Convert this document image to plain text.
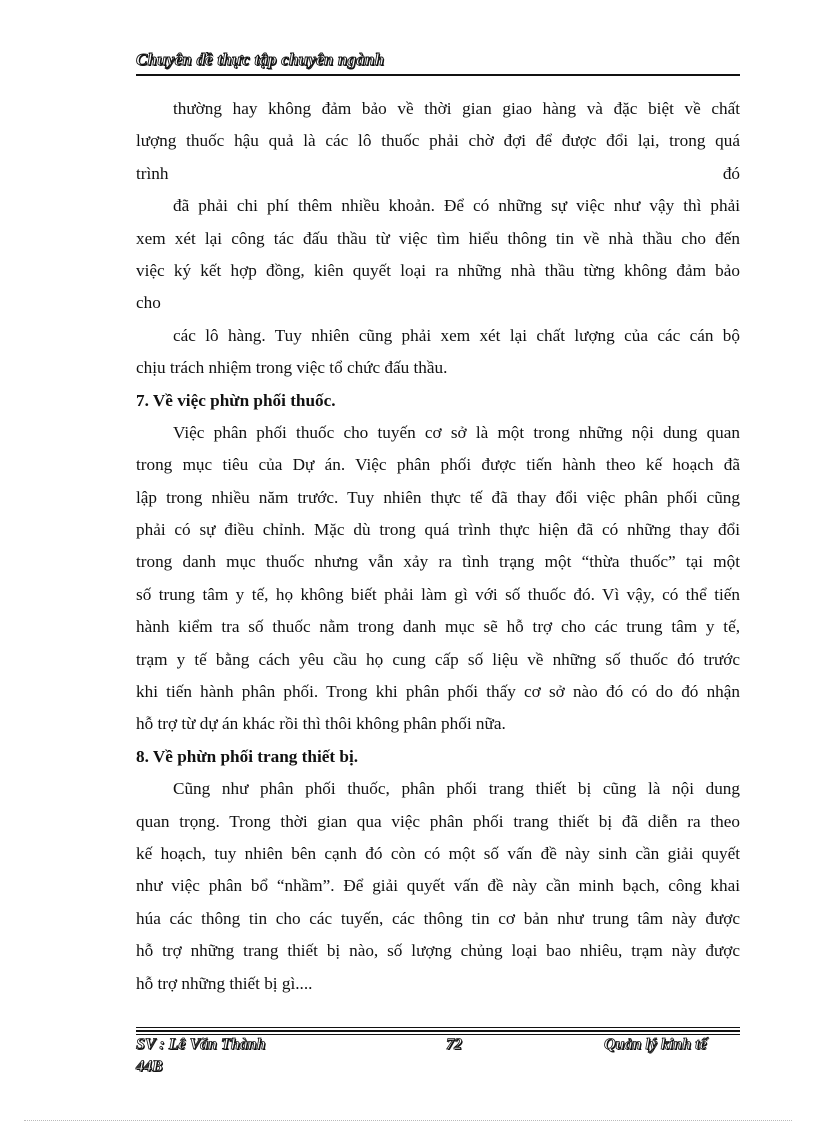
Chuyên đề thực tập chuyên ngành
thường hay không đảm bảo về thời gian giao hàng và đặc biệt về chất
lượng thuốc hậu quả là các lô thuốc phải chờ đợi để được đổi lại, trong quá
trình	đó
đã phải chi phí thêm nhiều khoản. Để có những sự việc như vậy thì phải
xem xét lại công tác đấu thầu từ việc tìm hiểu thông tin về nhà thầu cho đến
việc ký kết hợp đồng, kiên quyết loại ra những nhà thầu từng không đảm bảo
cho
các lô hàng. Tuy nhiên cũng phải xem xét lại chất lượng của các cán bộ
chịu trách nhiệm trong việc tổ chức đấu thầu.
7. Về việc phừn phối thuốc.
Việc phân phối thuốc cho tuyến cơ sở là một trong những nội dung quan
trong mục tiêu của Dự án. Việc phân phối được tiến hành theo kế hoạch đã
lập trong nhiều năm trước. Tuy nhiên thực tế đã thay đổi việc phân phối cũng
phải có sự điều chỉnh. Mặc dù trong quá trình thực hiện đã có những thay đổi
trong danh mục thuốc nhưng vẫn xảy ra tình trạng một “thừa thuốc” tại một
số trung tâm y tế, họ không biết phải làm gì với số thuốc đó. Vì vậy, có thể tiến
hành kiểm tra số thuốc nằm trong danh mục sẽ hỗ trợ cho các trung tâm y tế,
trạm y tế bằng cách yêu cầu họ cung cấp số liệu về những số thuốc đó trước
khi tiến hành phân phối. Trong khi phân phối thấy cơ sở nào đó có do đó nhận
hỗ trợ từ dự án khác rồi thì thôi không phân phối nữa.
8. Về phừn phối trang thiết bị.
Cũng như phân phối thuốc, phân phối trang thiết bị cũng là nội dung
quan trọng. Trong thời gian qua việc phân phối trang thiết bị đã diễn ra theo
kế hoạch, tuy nhiên bên cạnh đó còn có một số vấn đề này sinh cần giải quyết
như việc phân bổ “nhầm”. Để giải quyết vấn đề này cần minh bạch, công khai
húa các thông tin cho các tuyến, các thông tin cơ bản như trung tâm này được
hỗ trợ những trang thiết bị nào, số lượng chủng loại bao nhiêu, trạm này được
hỗ trợ những thiết bị gì....
SV : Lê Văn Thành
44B
72	Quản lý kinh tế
